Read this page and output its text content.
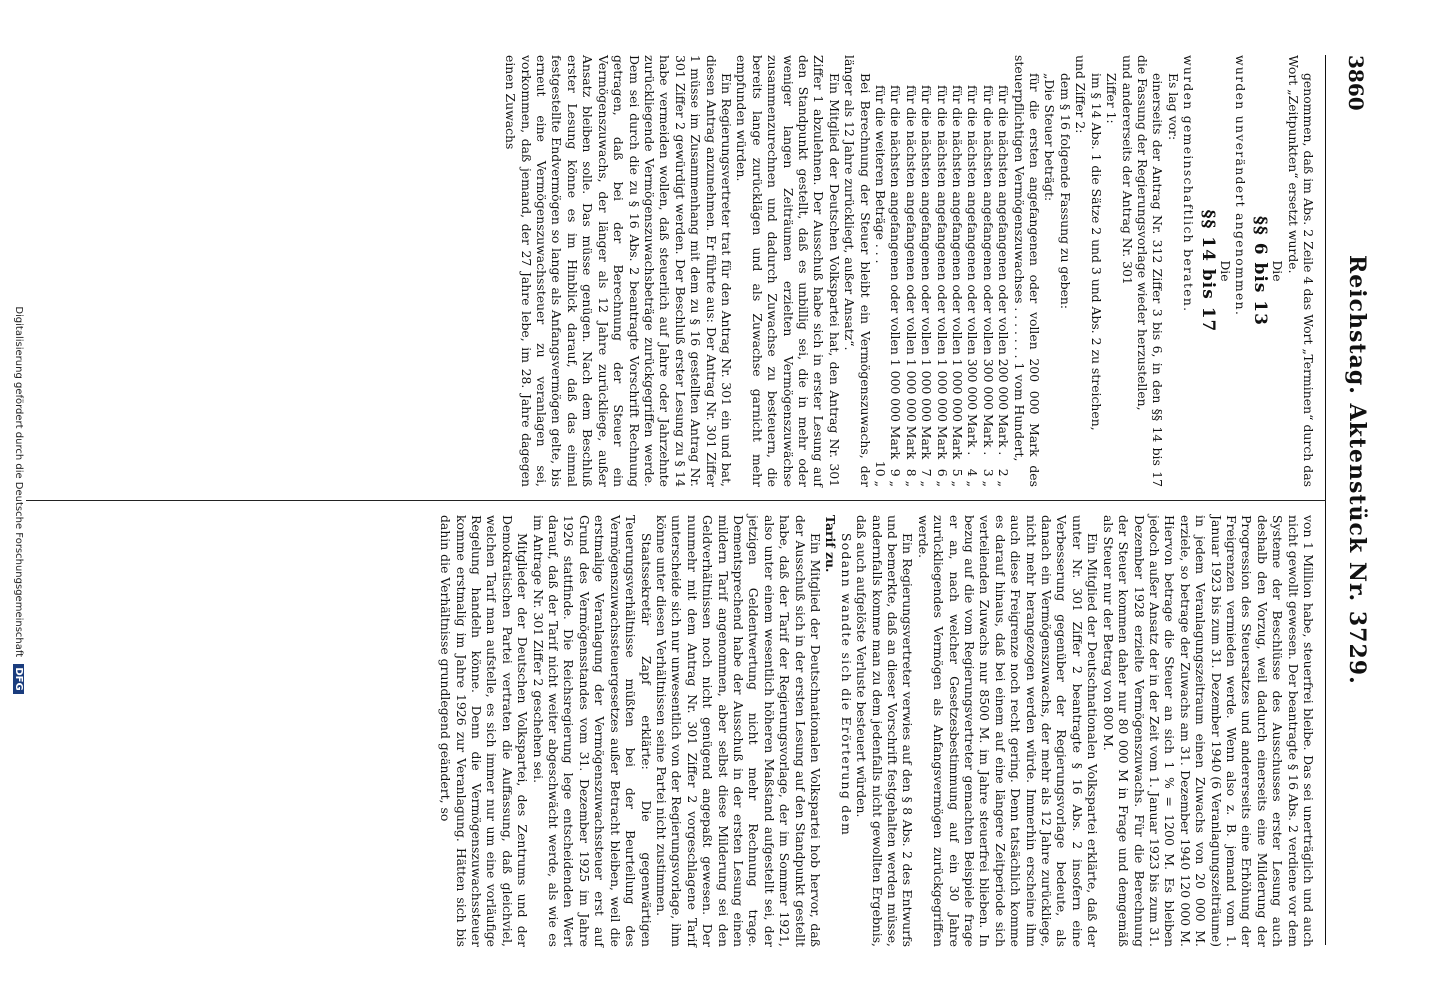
3860
Reichstag. Aktenstück Nr. 3729.

genommen, daß im Abs. 2 Zeile 4 das Wort „Terminen“ durch das Wort „Zeitpunkten“ ersetzt wurde.

Die

§§ 6 bis 13

wurden unverändert angenommen.

Die

§§ 14 bis 17

wurden gemeinschaftlich beraten.

Es lag vor:

einerseits der Antrag Nr. 312 Ziffer 3 bis 6, in den §§ 14 bis 17 die Fassung der Regierungsvorlage wieder herzustellen,

und andererseits der Antrag Nr. 301

Ziffer 1:

im § 14 Abs. 1 die Sätze 2 und 3 und Abs. 2 zu streichen,

und Ziffer 2:

dem § 16 folgende Fassung zu geben:

„Die Steuer beträgt:

für die ersten angefangenen oder vollen 200 000 Mark des steuerpflichtigen Vermögenszuwachses . . . . . . . 1 vom Hundert,

für die nächsten angefangenen oder vollen 200 000 Mark .
2 „
für die nächsten angefangenen oder vollen 300 000 Mark .
3 „
für die nächsten angefangenen oder vollen 300 000 Mark .
4 „
für die nächsten angefangenen oder vollen 1 000 000 Mark
5 „
für die nächsten angefangenen oder vollen 1 000 000 Mark
6 „
für die nächsten angefangenen oder vollen 1 000 000 Mark
7 „
für die nächsten angefangenen oder vollen 1 000 000 Mark
8 „
für die nächsten angefangenen oder vollen 1 000 000 Mark
9 „
für die weiteren Beträge . . .
10 „

Bei Berechnung der Steuer bleibt ein Vermögenszuwachs, der länger als 12 Jahre zurückliegt, außer Ansatz“.

Ein Mitglied der Deutschen Volkspartei hat, den Antrag Nr. 301 Ziffer 1 abzulehnen. Der Ausschuß habe sich in erster Lesung auf den Standpunkt gestellt, daß es unbillig sei, die in mehr oder weniger langen Zeiträumen erzielten Vermögenszuwächse zusammenzurechnen und dadurch Zuwachse zu besteuern, die bereits lange zurücklägen und als Zuwachse garnicht mehr empfunden würden.

Ein Regierungsvertreter trat für den Antrag Nr. 301 ein und bat, diesen Antrag anzunehmen. Er führte aus: Der Antrag Nr. 301 Ziffer 1 müsse im Zusammenhang mit dem zu § 16 gestellten Antrag Nr. 301 Ziffer 2 gewürdigt werden. Der Beschluß erster Lesung zu § 14 habe vermeiden wollen, daß steuerlich auf Jahre oder Jahrzehnte zurückliegende Vermögenszuwachsbeträge zurückgegriffen werde. Dem sei durch die zu § 16 Abs. 2 beantragte Vorschrift Rechnung getragen, daß bei der Berechnung der Steuer ein Vermögenszuwachs, der länger als 12 Jahre zurückliege, außer Ansatz bleiben solle. Das müsse genügen. Nach dem Beschluß erster Lesung könne es im Hinblick darauf, daß das einmal festgestellte Endvermögen so lange als Anfangsvermögen gelte, bis erneut eine Vermögenszuwachssteuer zu veranlagen sei, vorkommen, daß jemand, der 27 Jahre lebe, im 28. Jahre dagegen einen Zuwachs

von 1 Million habe, steuerfrei bleibe. Das sei unerträglich und auch nicht gewollt gewesen. Der beantragte § 16 Abs. 2 verdiene vor dem Systeme der Beschlüsse des Ausschusses erster Lesung auch deshalb den Vorzug, weil dadurch einerseits eine Milderung der Progression des Steuersatzes und andererseits eine Erhöhung der Freigrenzen vermieden werde. Wenn also z. B. jemand vom 1. Januar 1923 bis zum 31. Dezember 1940 (6 Veranlagungszeiträume) in jedem Veranlagungszeitraum einen Zuwachs von 20 000 M. erziele, so betrage der Zuwachs am 31. Dezember 1940 120 000 M. Hiervon betrage die Steuer an sich 1 % = 1200 M. Es bleiben jedoch außer Ansatz der in der Zeit vom 1. Januar 1923 bis zum 31. Dezember 1928 erzielte Vermögenszuwachs. Für die Berechnung der Steuer kommen daher nur 80 000 M in Frage und demgemäß als Steuer nur der Betrag von 800 M.

Ein Mitglied der Deutschnationalen Volkspartei erklärte, daß der unter Nr. 301 Ziffer 2 beantragte § 16 Abs. 2 insofern eine Verbesserung gegenüber der Regierungsvorlage bedeute, als danach ein Vermögenszuwachs, der mehr als 12 Jahre zurückliege, nicht mehr herangezogen werden würde. Immerhin erscheine ihm auch diese Freigrenze noch recht gering. Denn tatsächlich komme es darauf hinaus, daß bei einem auf eine längere Zeitperiode sich verteilenden Zuwachs nur 8500 M. im Jahre steuerfrei blieben. In bezug auf die vom Regierungsvertreter gemachten Beispiele frage er an, nach welcher Gesetzesbestimmung auf ein 30 Jahre zurückliegendes Vermögen als Anfangsvermögen zurückgegriffen werde.

Ein Regierungsvertreter verwies auf den § 8 Abs. 2 des Entwurfs und bemerkte, daß an dieser Vorschrift festgehalten werden müsse, andernfalls komme man zu dem jedenfalls nicht gewollten Ergebnis, daß auch aufgelöste Verluste besteuert würden.

Sodann wandte sich die Erörterung dem

Tarif zu.

Ein Mitglied der Deutschnationalen Volkspartei hob hervor, daß der Ausschuß sich in der ersten Lesung auf den Standpunkt gestellt habe, daß der Tarif der Regierungsvorlage, der im Sommer 1921, also unter einem wesentlich höheren Maßstand aufgestellt sei, der jetzigen Geldentwertung nicht mehr Rechnung trage. Dementsprechend habe der Ausschuß in der ersten Lesung einen mildern Tarif angenommen, aber selbst diese Milderung sei den Geldverhältnissen noch nicht genügend angepaßt gewesen. Der nunmehr mit dem Antrag Nr. 301 Ziffer 2 vorgeschlagene Tarif unterscheide sich nur unwesentlich von der Regierungsvorlage, ihm könne unter diesen Verhältnissen seine Partei nicht zustimmen.

Staatssekretär Zapf erklärte: Die gegenwärtigen Teuerungsverhältnisse müßten bei der Beurteilung des Vermögenszuwachssteuergesetzes außer Betracht bleiben, weil die erstmalige Veranlagung der Vermögenszuwachssteuer erst auf Grund des Vermögensstandes vom 31. Dezember 1925 im Jahre 1926 stattfinde. Die Reichsregierung lege entscheidenden Wert darauf, daß der Tarif nicht weiter abgeschwächt werde, als wie es im Antrage Nr. 301 Ziffer 2 geschehen sei.

Mitglieder der Deutschen Volkspartei, des Zentrums und der Demokratischen Partei vertraten die Auffassung, daß gleichviel, welchen Tarif man aufstelle, es sich immer nur um eine vorläufige Regelung handeln könne. Denn die Vermögenszuwachssteuer komme erstmalig im Jahre 1926 zur Veranlagung. Hätten sich bis dahin die Verhältnisse grundlegend geändert, so

Digitalisierung gefördert durch die Deutsche Forschungsgemeinschaft DFG
